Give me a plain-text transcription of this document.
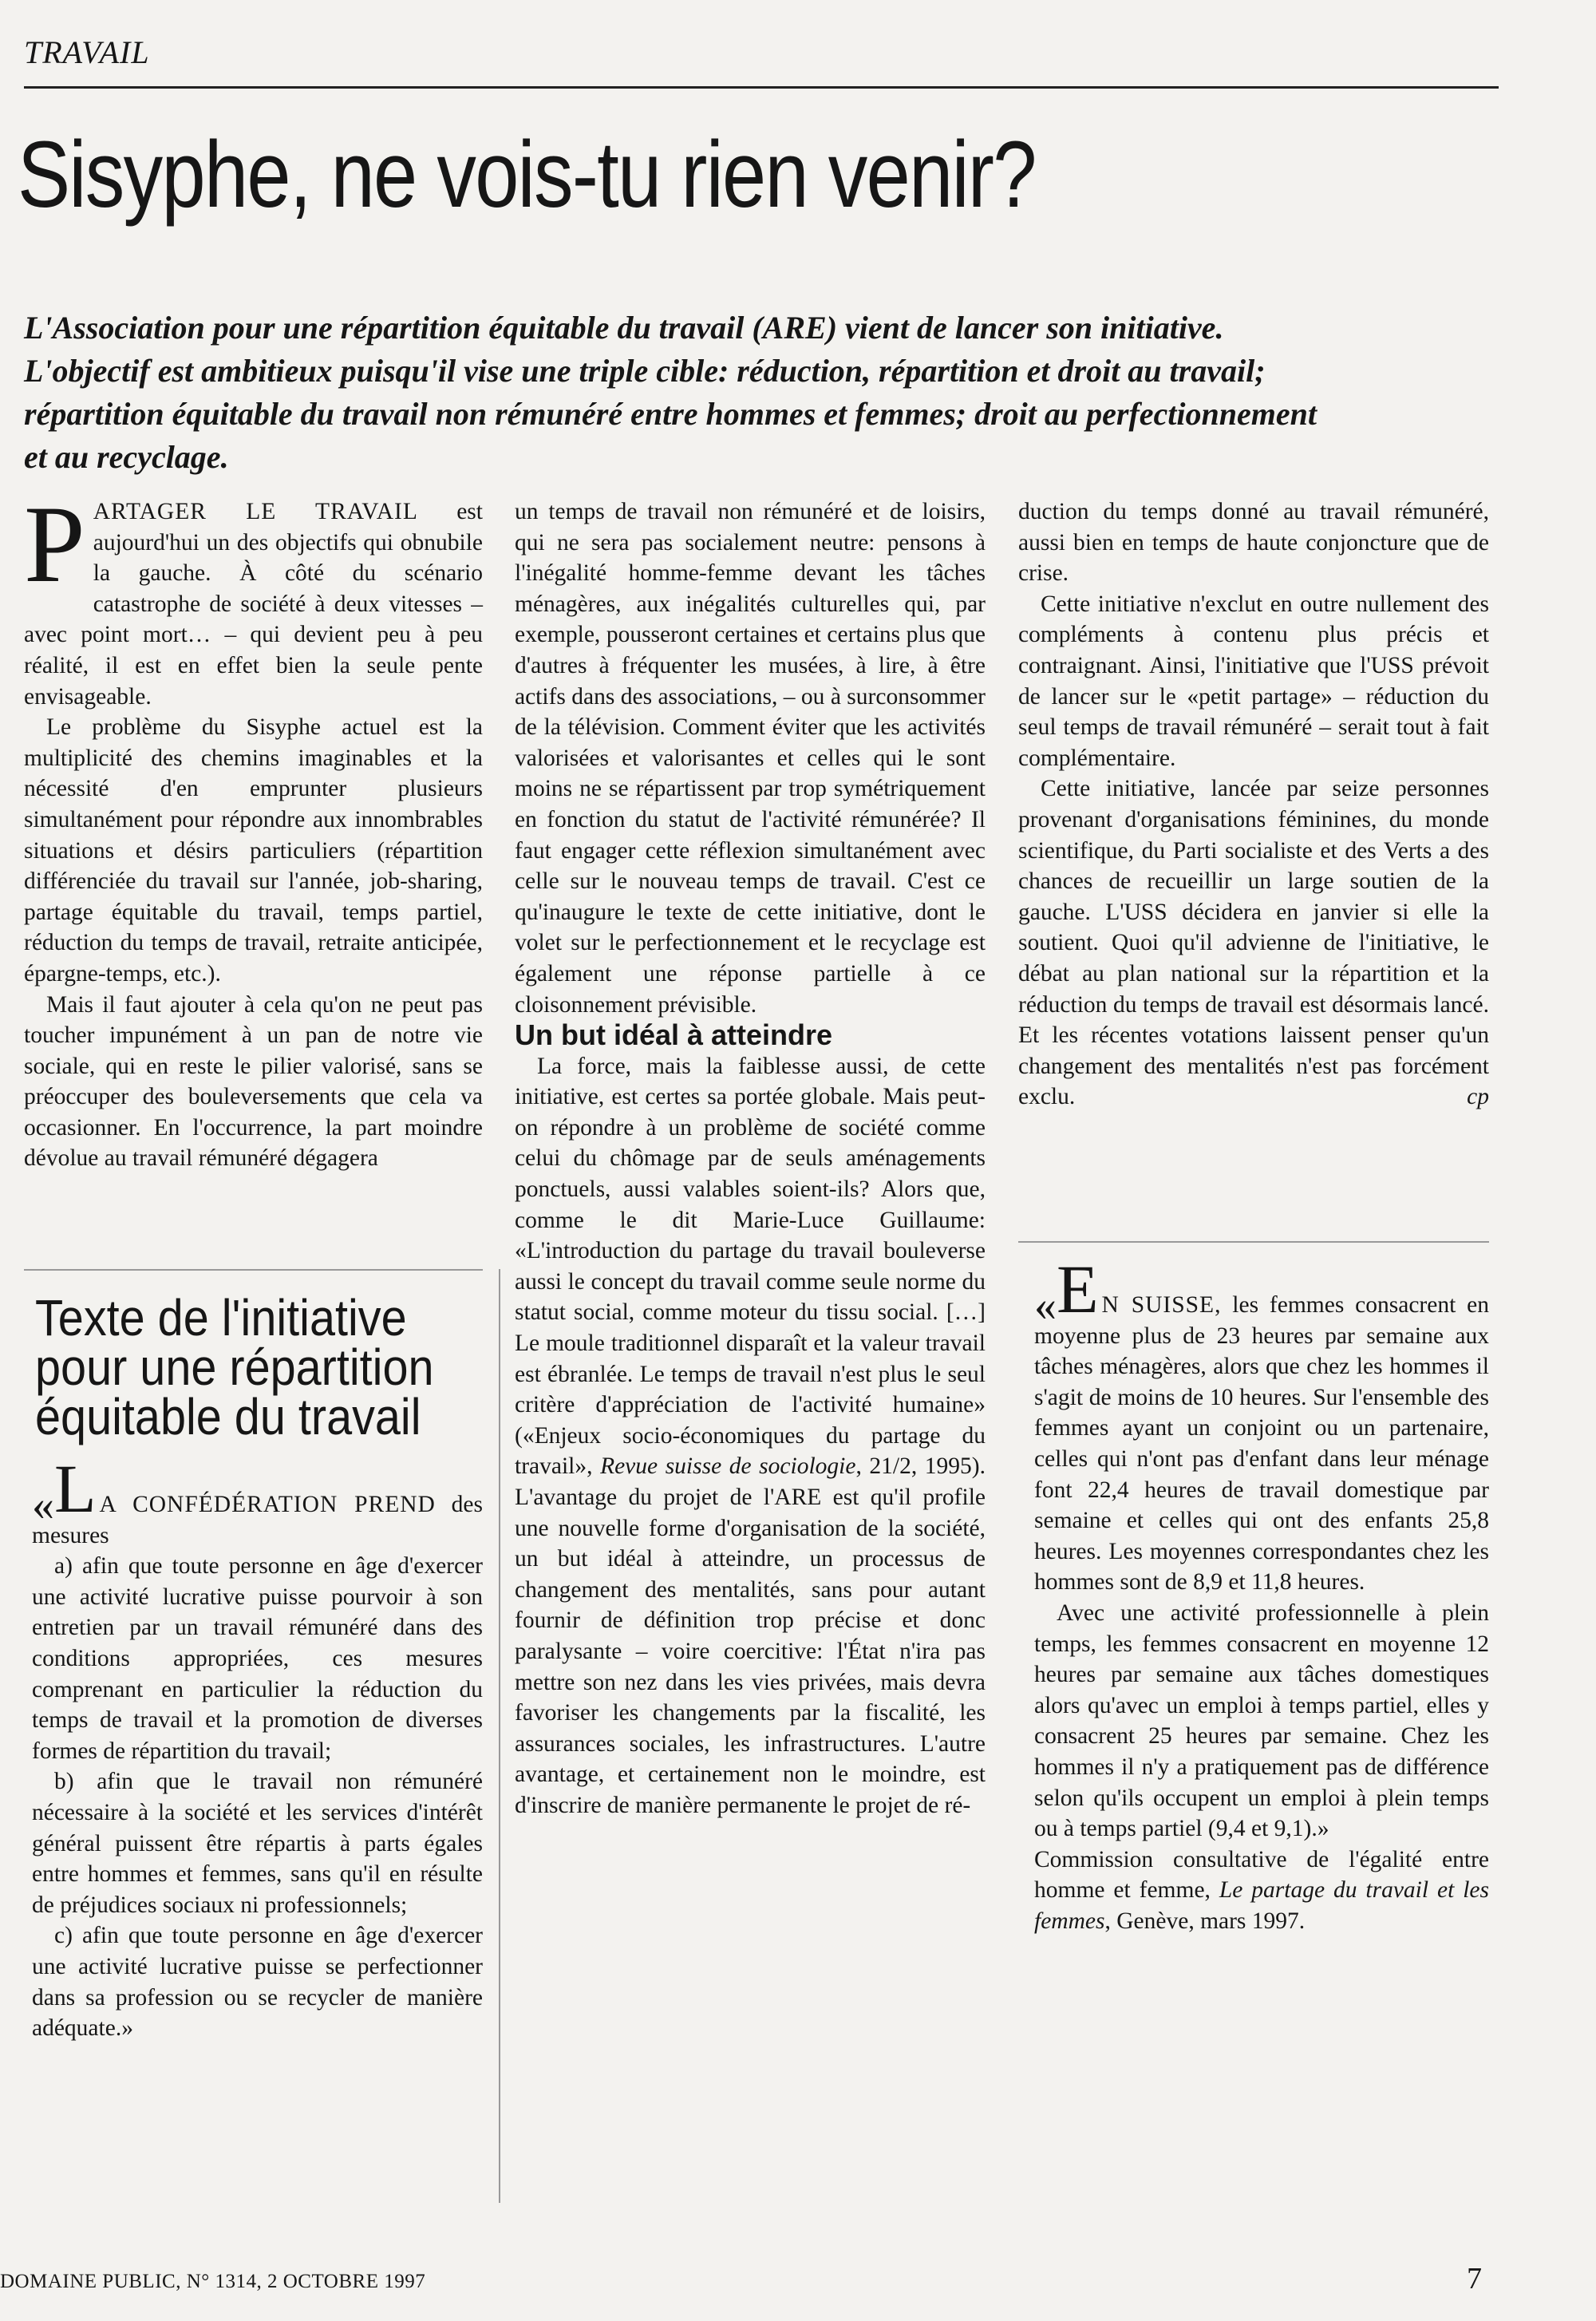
TRAVAIL
Sisyphe, ne vois-tu rien venir?
L'Association pour une répartition équitable du travail (ARE) vient de lancer son initiative. L'objectif est ambitieux puisqu'il vise une triple cible: réduction, répartition et droit au travail; répartition équitable du travail non rémunéré entre hommes et femmes; droit au perfectionnement et au recyclage.

PARTAGER LE TRAVAIL est aujourd'hui un des objectifs qui obnubile la gauche. À côté du scénario catastrophe de société à deux vitesses – avec point mort… – qui devient peu à peu réalité, il est en effet bien la seule pente envisageable.

Le problème du Sisyphe actuel est la multiplicité des chemins imaginables et la nécessité d'en emprunter plusieurs simultanément pour répondre aux innombrables situations et désirs particuliers (répartition différenciée du travail sur l'année, job-sharing, partage équitable du travail, temps partiel, réduction du temps de travail, retraite anticipée, épargne-temps, etc.).

Mais il faut ajouter à cela qu'on ne peut pas toucher impunément à un pan de notre vie sociale, qui en reste le pilier valorisé, sans se préoccuper des bouleversements que cela va occasionner. En l'occurrence, la part moindre dévolue au travail rémunéré dégagera

Texte de l'initiative pour une répartition équitable du travail

«L A CONFÉDÉRATION PREND des mesures

a) afin que toute personne en âge d'exercer une activité lucrative puisse pourvoir à son entretien par un travail rémunéré dans des conditions appropriées, ces mesures comprenant en particulier la réduction du temps de travail et la promotion de diverses formes de répartition du travail;

b) afin que le travail non rémunéré nécessaire à la société et les services d'intérêt général puissent être répartis à parts égales entre hommes et femmes, sans qu'il en résulte de préjudices sociaux ni professionnels;

c) afin que toute personne en âge d'exercer une activité lucrative puisse se perfectionner dans sa profession ou se recycler de manière adéquate.»

un temps de travail non rémunéré et de loisirs, qui ne sera pas socialement neutre: pensons à l'inégalité homme-femme devant les tâches ménagères, aux inégalités culturelles qui, par exemple, pousseront certaines et certains plus que d'autres à fréquenter les musées, à lire, à être actifs dans des associations, – ou à surconsommer de la télévision. Comment éviter que les activités valorisées et valorisantes et celles qui le sont moins ne se répartissent par trop symétriquement en fonction du statut de l'activité rémunérée? Il faut engager cette réflexion simultanément avec celle sur le nouveau temps de travail. C'est ce qu'inaugure le texte de cette initiative, dont le volet sur le perfectionnement et le recyclage est également une réponse partielle à ce cloisonnement prévisible.

Un but idéal à atteindre

La force, mais la faiblesse aussi, de cette initiative, est certes sa portée globale. Mais peut-on répondre à un problème de société comme celui du chômage par de seuls aménagements ponctuels, aussi valables soient-ils? Alors que, comme le dit Marie-Luce Guillaume: «L'introduction du partage du travail bouleverse aussi le concept du travail comme seule norme du statut social, comme moteur du tissu social. […] Le moule traditionnel disparaît et la valeur travail est ébranlée. Le temps de travail n'est plus le seul critère d'appréciation de l'activité humaine» («Enjeux socio-économiques du partage du travail», Revue suisse de sociologie, 21/2, 1995). L'avantage du projet de l'ARE est qu'il profile une nouvelle forme d'organisation de la société, un but idéal à atteindre, un processus de changement des mentalités, sans pour autant fournir de définition trop précise et donc paralysante – voire coercitive: l'État n'ira pas mettre son nez dans les vies privées, mais devra favoriser les changements par la fiscalité, les assurances sociales, les infrastructures. L'autre avantage, et certainement non le moindre, est d'inscrire de manière permanente le projet de ré-

duction du temps donné au travail rémunéré, aussi bien en temps de haute conjoncture que de crise.

Cette initiative n'exclut en outre nullement des compléments à contenu plus précis et contraignant. Ainsi, l'initiative que l'USS prévoit de lancer sur le «petit partage» – réduction du seul temps de travail rémunéré – serait tout à fait complémentaire.

Cette initiative, lancée par seize personnes provenant d'organisations féminines, du monde scientifique, du Parti socialiste et des Verts a des chances de recueillir un large soutien de la gauche. L'USS décidera en janvier si elle la soutient. Quoi qu'il advienne de l'initiative, le débat au plan national sur la répartition et la réduction du temps de travail est désormais lancé. Et les récentes votations laissent penser qu'un changement des mentalités n'est pas forcément exclu.	cp

«E N SUISSE, les femmes consacrent en moyenne plus de 23 heures par semaine aux tâches ménagères, alors que chez les hommes il s'agit de moins de 10 heures. Sur l'ensemble des femmes ayant un conjoint ou un partenaire, celles qui n'ont pas d'enfant dans leur ménage font 22,4 heures de travail domestique par semaine et celles qui ont des enfants 25,8 heures. Les moyennes correspondantes chez les hommes sont de 8,9 et 11,8 heures.

Avec une activité professionnelle à plein temps, les femmes consacrent en moyenne 12 heures par semaine aux tâches domestiques alors qu'avec un emploi à temps partiel, elles y consacrent 25 heures par semaine. Chez les hommes il n'y a pratiquement pas de différence selon qu'ils occupent un emploi à plein temps ou à temps partiel (9,4 et 9,1).»

Commission consultative de l'égalité entre homme et femme, Le partage du travail et les femmes, Genève, mars 1997.

DOMAINE PUBLIC, N° 1314, 2 OCTOBRE 1997	7
